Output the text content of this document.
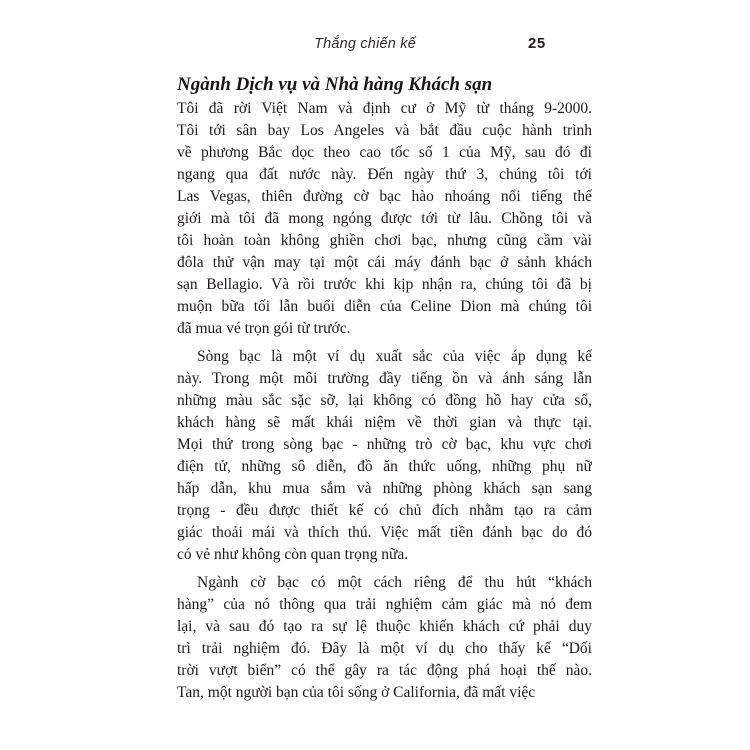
Thắng chiến kế	25
Ngành Dịch vụ và Nhà hàng Khách sạn
Tôi đã rời Việt Nam và định cư ở Mỹ từ tháng 9-2000.
Tôi tới sân bay Los Angeles và bắt đầu cuộc hành trình
về phương Bắc dọc theo cao tốc số 1 của Mỹ, sau đó đi
ngang qua đất nước này. Đến ngày thứ 3, chúng tôi tới
Las Vegas, thiên đường cờ bạc hào nhoáng nổi tiếng thế
giới mà tôi đã mong ngóng được tới từ lâu. Chồng tôi và
tôi hoàn toàn không ghiền chơi bạc, nhưng cũng cầm vài
đôla thử vận may tại một cái máy đánh bạc ở sảnh khách
sạn Bellagio. Và rồi trước khi kịp nhận ra, chúng tôi đã bị
muộn bữa tối lẫn buổi diễn của Celine Dion mà chúng tôi
đã mua vé trọn gói từ trước.
Sòng bạc là một ví dụ xuất sắc của việc áp dụng kế
này. Trong một môi trường đầy tiếng ồn và ánh sáng lẫn
những màu sắc sặc sỡ, lại không có đồng hồ hay cửa sổ,
khách hàng sẽ mất khái niệm về thời gian và thực tại.
Mọi thứ trong sòng bạc - những trò cờ bạc, khu vực chơi
điện tử, những sô diễn, đồ ăn thức uống, những phụ nữ
hấp dẫn, khu mua sắm và những phòng khách sạn sang
trọng - đều được thiết kế có chủ đích nhằm tạo ra cảm
giác thoải mái và thích thú. Việc mất tiền đánh bạc do đó
có vẻ như không còn quan trọng nữa.
Ngành cờ bạc có một cách riêng để thu hút “khách
hàng” của nó thông qua trải nghiệm cảm giác mà nó đem
lại, và sau đó tạo ra sự lệ thuộc khiến khách cứ phải duy
trì trải nghiệm đó. Đây là một ví dụ cho thấy kế “Dối
trời vượt biển” có thể gây ra tác động phá hoại thế nào.
Tan, một người bạn của tôi sống ở California, đã mất việc
